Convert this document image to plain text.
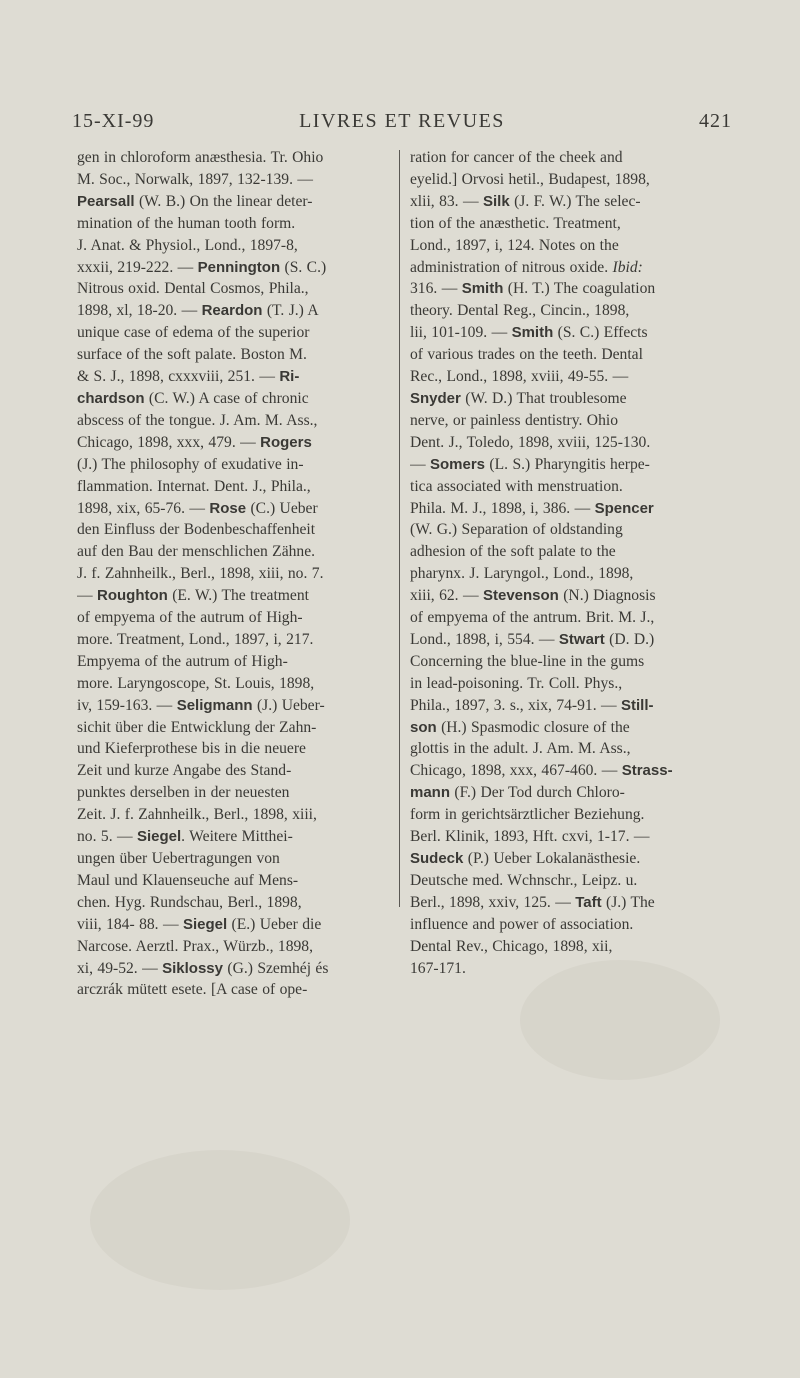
LIVRES ET REVUES
15-XI-99	421
gen in chloroform anæsthesia. Tr. Ohio
M. Soc., Norwalk, 1897, 132-139. —
Pearsall (W. B.) On the linear deter-
mination of the human tooth form.
J. Anat. & Physiol., Lond., 1897-8,
xxxii, 219-222. — Pennington (S. C.)
Nitrous oxid. Dental Cosmos, Phila.,
1898, xl, 18-20. — Reardon (T. J.) A
unique case of edema of the superior
surface of the soft palate. Boston M.
& S. J., 1898, cxxxviii, 251. — Ri-
chardson (C. W.) A case of chronic
abscess of the tongue. J. Am. M. Ass.,
Chicago, 1898, xxx, 479. — Rogers
(J.) The philosophy of exudative in-
flammation. Internat. Dent. J., Phila.,
1898, xix, 65-76. — Rose (C.) Ueber
den Einfluss der Bodenbeschaffenheit
auf den Bau der menschlichen Zähne.
J. f. Zahnheilk., Berl., 1898, xiii, no. 7.
— Roughton (E. W.) The treatment
of empyema of the autrum of High-
more. Treatment, Lond., 1897, i, 217.
Empyema of the autrum of High-
more. Laryngoscope, St. Louis, 1898,
iv, 159-163. — Seligmann (J.) Ueber-
sichit über die Entwicklung der Zahn-
und Kieferprothese bis in die neuere
Zeit und kurze Angabe des Stand-
punktes derselben in der neuesten
Zeit. J. f. Zahnheilk., Berl., 1898, xiii,
no. 5. — Siegel. Weitere Mitthei-
ungen über Uebertragungen von
Maul und Klauenseuche auf Mens-
chen. Hyg. Rundschau, Berl., 1898,
viii, 184- 88. — Siegel (E.) Ueber die
Narcose. Aerztl. Prax., Würzb., 1898,
xi, 49-52. — Siklossy (G.) Szemhéj és
arczrák mütett esete. [A case of ope-
ration for cancer of the cheek and
eyelid.] Orvosi hetil., Budapest, 1898,
xlii, 83. — Silk (J. F. W.) The selec-
tion of the anæsthetic. Treatment,
Lond., 1897, i, 124. Notes on the
administration of nitrous oxide. Ibid:
316. — Smith (H. T.) The coagulation
theory. Dental Reg., Cincin., 1898,
lii, 101-109. — Smith (S. C.) Effects
of various trades on the teeth. Dental
Rec., Lond., 1898, xviii, 49-55. —
Snyder (W. D.) That troublesome
nerve, or painless dentistry. Ohio
Dent. J., Toledo, 1898, xviii, 125-130.
— Somers (L. S.) Pharyngitis herpe-
tica associated with menstruation.
Phila. M. J., 1898, i, 386. — Spencer
(W. G.) Separation of oldstanding
adhesion of the soft palate to the
pharynx. J. Laryngol., Lond., 1898,
xiii, 62. — Stevenson (N.) Diagnosis
of empyema of the antrum. Brit. M. J.,
Lond., 1898, i, 554. — Stwart (D. D.)
Concerning the blue-line in the gums
in lead-poisoning. Tr. Coll. Phys.,
Phila., 1897, 3. s., xix, 74-91. — Still-
son (H.) Spasmodic closure of the
glottis in the adult. J. Am. M. Ass.,
Chicago, 1898, xxx, 467-460. — Strass-
mann (F.) Der Tod durch Chloro-
form in gerichtsärztlicher Beziehung.
Berl. Klinik, 1893, Hft. cxvi, 1-17. —
Sudeck (P.) Ueber Lokalanästhesie.
Deutsche med. Wchnschr., Leipz. u.
Berl., 1898, xxiv, 125. — Taft (J.) The
influence and power of association.
Dental Rev., Chicago, 1898, xii,
167-171.
